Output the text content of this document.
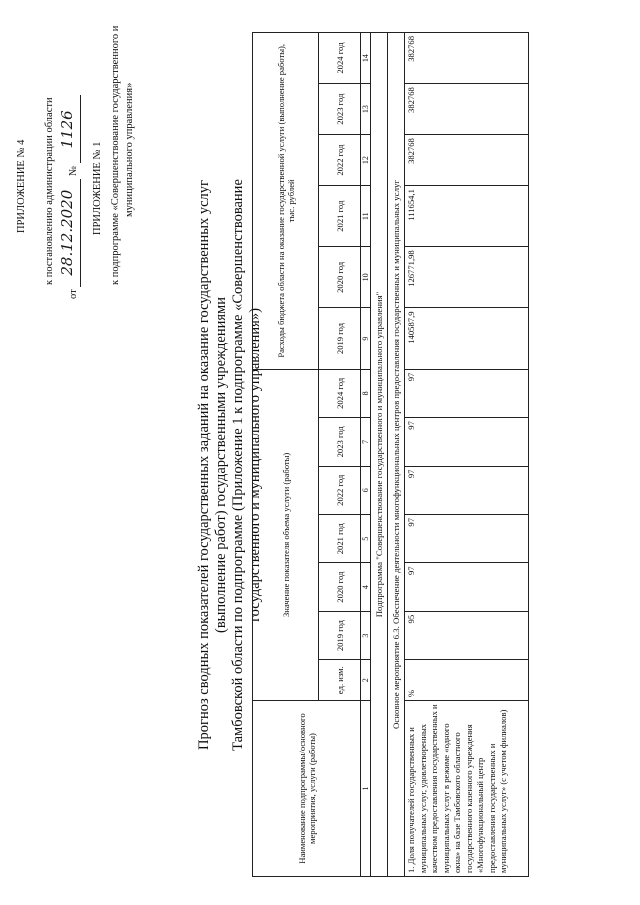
ПРИЛОЖЕНИЕ № 4 к постановлению администрации области
от 28.12.2020 № 1126
ПРИЛОЖЕНИЕ № 1 к подпрограмме «Совершенствование государственного и муниципального управления»
Прогноз сводных показателей государственных заданий на оказание государственных услуг (выполнение работ) государственными учреждениями Тамбовской области по подпрограмме (Приложение 1 к подпрограмме «Совершенствование государственного и муниципального управления»)
Наименование подпрограммы/основного мероприятия, услуги (работы)	Значение показателя объема услуги (работы)							Расходы бюджета области на оказание государственной услуги (выполнение работы), тыс. рублей					
	ед. изм.	2019 год	2020 год	2021 год	2022 год	2023 год	2024 год	2019 год	2020 год	2021 год	2022 год	2023 год	2024 год
1	2	3	4	5	6	7	8	9	10	11	12	13	14
Подпрограмма "Совершенствование государственного и муниципального управления"													
Основное мероприятие 6.3. Обеспечение деятельности многофункциональных центров предоставления государственных и муниципальных услуг													
1. Доля получателей государственных и муниципальных услуг, удовлетворенных качеством предоставления государственных и муниципальных услуг в режиме «одного окна» на базе Тамбовского областного государственного казенного учреждения «Многофункциональный центр предоставления государственных и муниципальных услуг» (с учетом филиалов)	%	95	97	97	97	97	97	140587,9	126771,98	111654,1	382768	382768	382768
